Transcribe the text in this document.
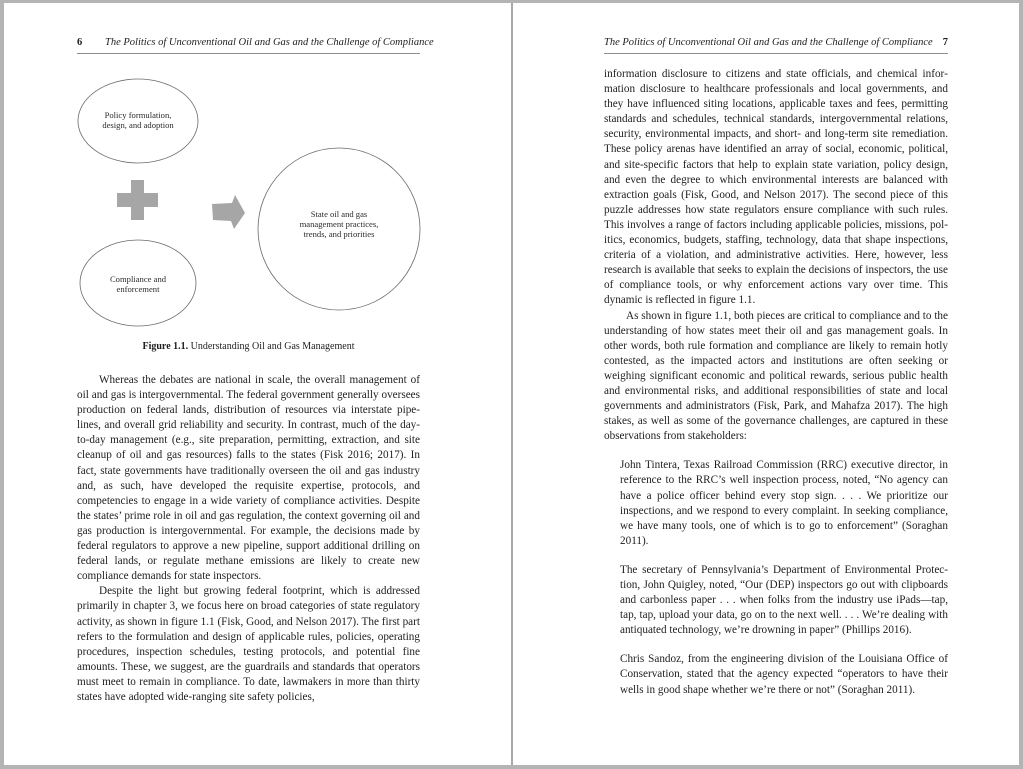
6 The Politics of Unconventional Oil and Gas and the Challenge of Compliance
Policy formulation, design, and adoption
Compliance and enforcement
State oil and gas management practices, trends, and priorities
Figure 1.1. Understanding Oil and Gas Management

Whereas the debates are national in scale, the overall management of oil and gas is intergovernmental. The federal government generally oversees production on federal lands, distribution of resources via interstate pipelines, and overall grid reliability and security. In contrast, much of the day-to-day management (e.g., site preparation, permitting, extraction, and site cleanup of oil and gas resources) falls to the states (Fisk 2016; 2017). In fact, state governments have traditionally overseen the oil and gas industry and, as such, have developed the requisite expertise, protocols, and competencies to engage in a wide variety of compliance activities. Despite the states’ prime role in oil and gas regulation, the context governing oil and gas production is intergovernmental. For example, the decisions made by federal regulators to approve a new pipeline, support additional drilling on federal lands, or regulate methane emissions are likely to create new compliance demands for state inspectors.

Despite the light but growing federal footprint, which is addressed primarily in chapter 3, we focus here on broad categories of state regulatory activity, as shown in figure 1.1 (Fisk, Good, and Nelson 2017). The first part refers to the formulation and design of applicable rules, policies, operating procedures, inspection schedules, testing protocols, and potential fine amounts. These, we suggest, are the guardrails and standards that operators must meet to remain in compliance. To date, lawmakers in more than thirty states have adopted wide-ranging site safety policies,

The Politics of Unconventional Oil and Gas and the Challenge of Compliance 7

information disclosure to citizens and state officials, and chemical information disclosure to healthcare professionals and local governments, and they have influenced siting locations, applicable taxes and fees, permitting standards and schedules, technical standards, intergovernmental relations, security, environmental impacts, and short- and long-term site remediation. These policy arenas have identified an array of social, economic, political, and site-specific factors that help to explain state variation, policy design, and even the degree to which environmental interests are balanced with extraction goals (Fisk, Good, and Nelson 2017). The second piece of this puzzle addresses how state regulators ensure compliance with such rules. This involves a range of factors including applicable policies, missions, politics, economics, budgets, staffing, technology, data that shape inspections, criteria of a violation, and administrative activities. Here, however, less research is available that seeks to explain the decisions of inspectors, the use of compliance tools, or why enforcement actions vary over time. This dynamic is reflected in figure 1.1.

As shown in figure 1.1, both pieces are critical to compliance and to the understanding of how states meet their oil and gas management goals. In other words, both rule formation and compliance are likely to remain hotly contested, as the impacted actors and institutions are often seeking or weighing significant economic and political rewards, serious public health and environmental risks, and additional responsibilities of state and local governments and administrators (Fisk, Park, and Mahafza 2017). The high stakes, as well as some of the governance challenges, are captured in these observations from stakeholders:

John Tintera, Texas Railroad Commission (RRC) executive director, in reference to the RRC’s well inspection process, noted, “No agency can have a police officer behind every stop sign. . . . We prioritize our inspections, and we respond to every complaint. In seeking compliance, we have many tools, one of which is to go to enforcement” (Soraghan 2011).

The secretary of Pennsylvania’s Department of Environmental Protection, John Quigley, noted, “Our (DEP) inspectors go out with clipboards and carbonless paper . . . when folks from the industry use iPads—tap, tap, tap, upload your data, go on to the next well. . . . We’re dealing with antiquated technology, we’re drowning in paper” (Phillips 2016).

Chris Sandoz, from the engineering division of the Louisiana Office of Conservation, stated that the agency expected “operators to have their wells in good shape whether we’re there or not” (Soraghan 2011).
